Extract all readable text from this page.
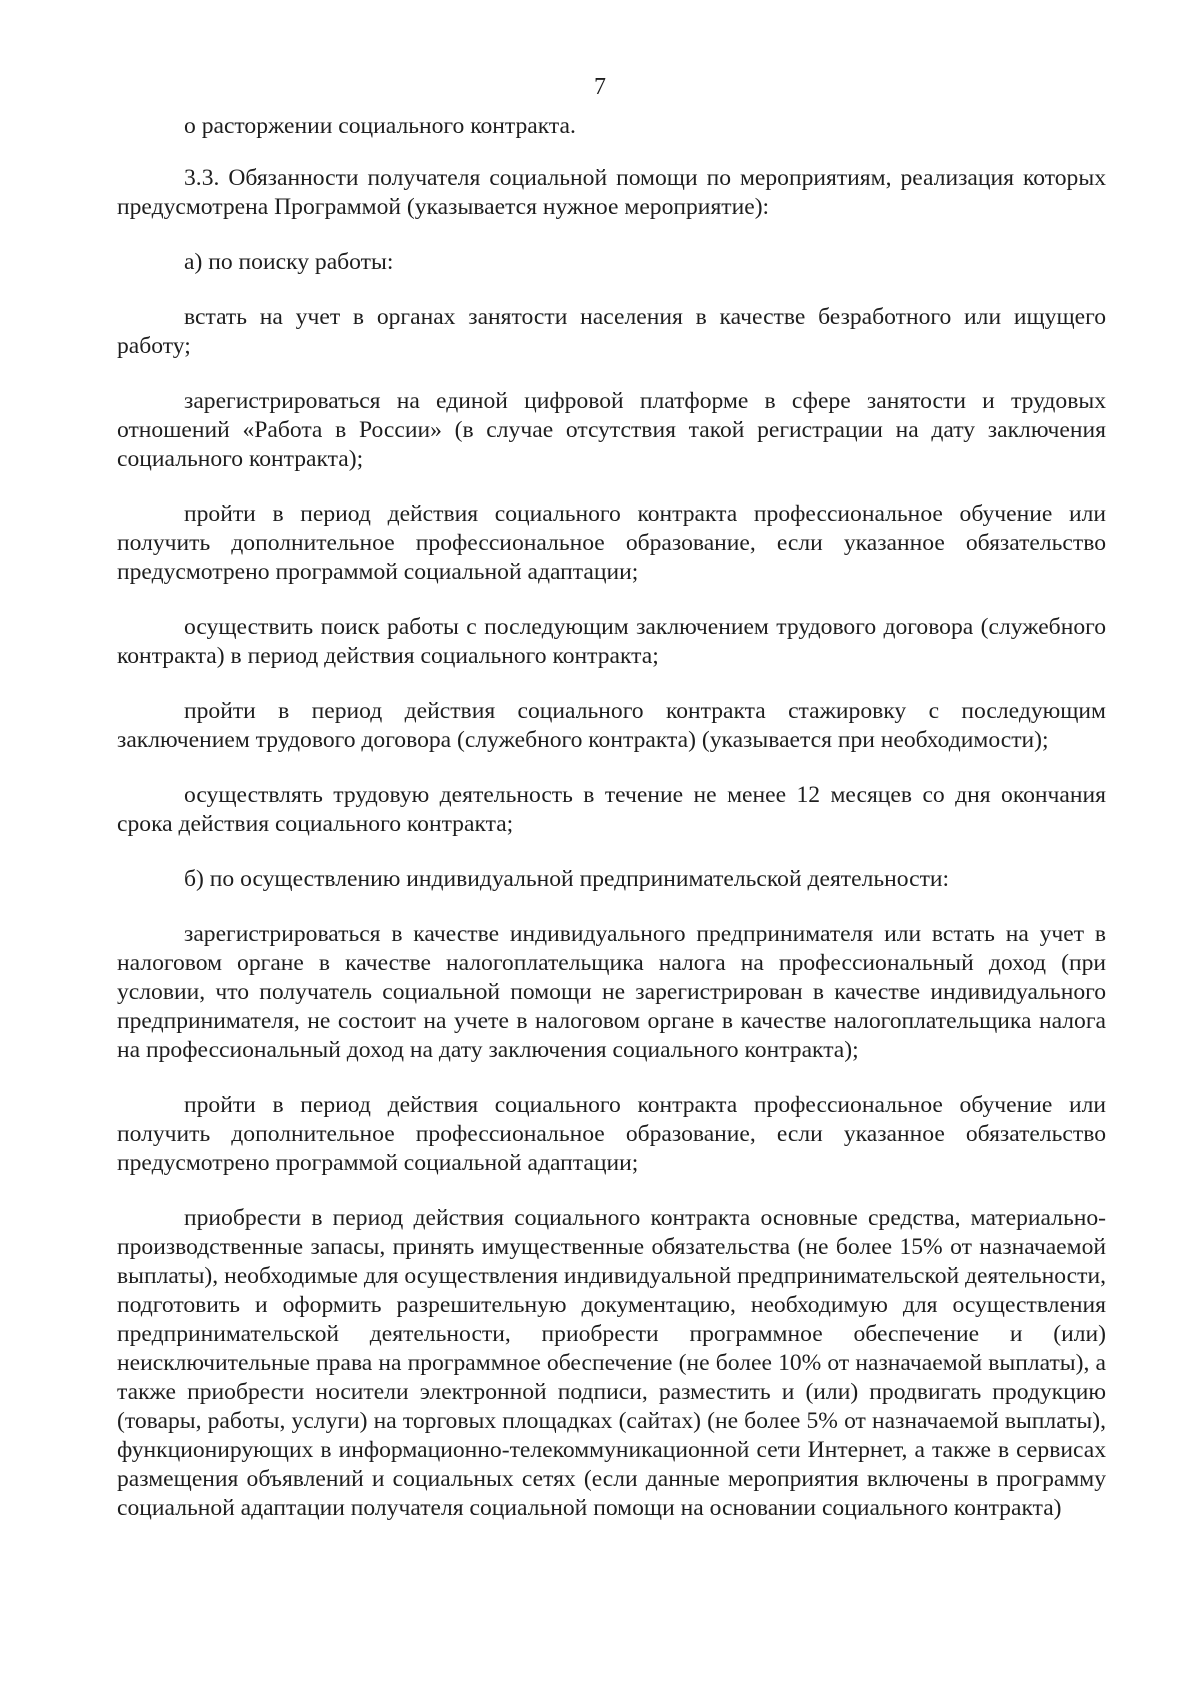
7

о расторжении социального контракта.

3.3. Обязанности получателя социальной помощи по мероприятиям, реализация которых предусмотрена Программой (указывается нужное мероприятие):

а) по поиску работы:

встать на учет в органах занятости населения в качестве безработного или ищущего работу;

зарегистрироваться на единой цифровой платформе в сфере занятости и трудовых отношений «Работа в России» (в случае отсутствия такой регистрации на дату заключения социального контракта);

пройти в период действия социального контракта профессиональное обучение или получить дополнительное профессиональное образование, если указанное обязательство предусмотрено программой социальной адаптации;

осуществить поиск работы с последующим заключением трудового договора (служебного контракта) в период действия социального контракта;

пройти в период действия социального контракта стажировку с последующим заключением трудового договора (служебного контракта) (указывается при необходимости);

осуществлять трудовую деятельность в течение не менее 12 месяцев со дня окончания срока действия социального контракта;

б) по осуществлению индивидуальной предпринимательской деятельности:

зарегистрироваться в качестве индивидуального предпринимателя или встать на учет в налоговом органе в качестве налогоплательщика налога на профессиональный доход (при условии, что получатель социальной помощи не зарегистрирован в качестве индивидуального предпринимателя, не состоит на учете в налоговом органе в качестве налогоплательщика налога на профессиональный доход на дату заключения социального контракта);

пройти в период действия социального контракта профессиональное обучение или получить дополнительное профессиональное образование, если указанное обязательство предусмотрено программой социальной адаптации;

приобрести в период действия социального контракта основные средства, материально-производственные запасы, принять имущественные обязательства (не более 15% от назначаемой выплаты), необходимые для осуществления индивидуальной предпринимательской деятельности, подготовить и оформить разрешительную документацию, необходимую для осуществления предпринимательской деятельности, приобрести программное обеспечение и (или) неисключительные права на программное обеспечение (не более 10% от назначаемой выплаты), а также приобрести носители электронной подписи, разместить и (или) продвигать продукцию (товары, работы, услуги) на торговых площадках (сайтах) (не более 5% от назначаемой выплаты), функционирующих в информационно-телекоммуникационной сети Интернет, а также в сервисах размещения объявлений и социальных сетях (если данные мероприятия включены в программу социальной адаптации получателя социальной помощи на основании социального контракта)
